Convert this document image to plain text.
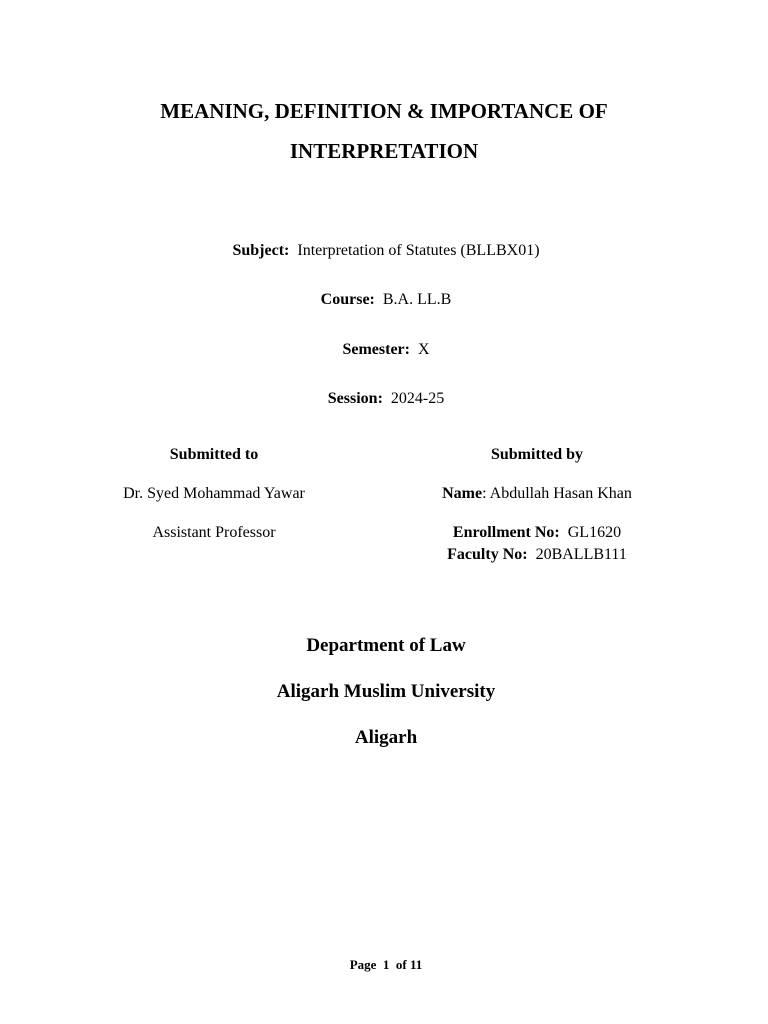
MEANING, DEFINITION & IMPORTANCE OF
INTERPRETATION
Subject: Interpretation of Statutes (BLLBX01)
Course: B.A. LL.B
Semester: X
Session: 2024-25
Submitted to
Dr. Syed Mohammad Yawar
Assistant Professor
Submitted by
Name: Abdullah Hasan Khan
Enrollment No: GL1620
Faculty No: 20BALLB111
Department of Law
Aligarh Muslim University
Aligarh
Page 1 of 11
